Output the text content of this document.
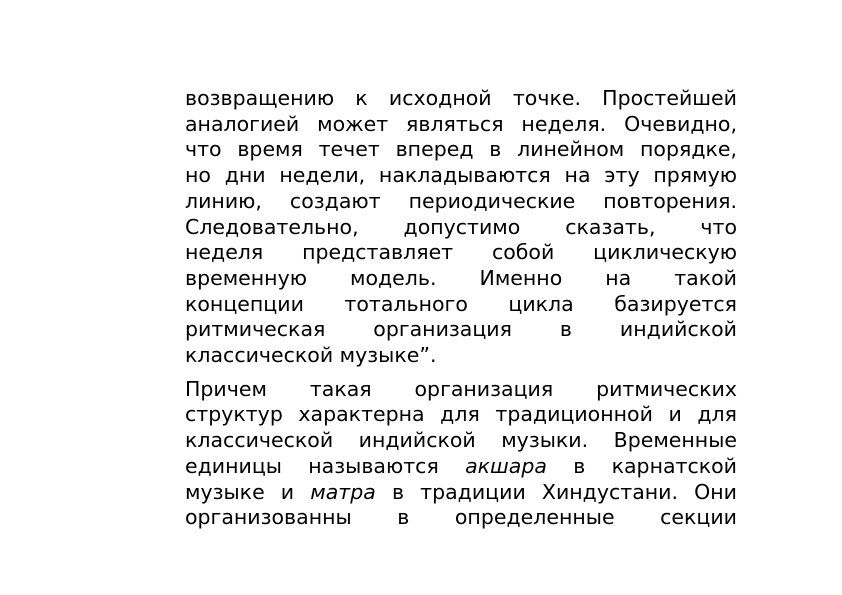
возвращению к исходной точке. Простейшей
аналогией может являться неделя. Очевидно,
что время течет вперед в линейном порядке,
но дни недели, накладываются на эту прямую
линию, создают периодические повторения.
Следовательно, допустимо сказать, что
неделя представляет собой циклическую
временную модель. Именно на такой
концепции тотального цикла базируется
ритмическая организация в индийской
классической музыке”.
Причем такая организация ритмических
структур характерна для традиционной и для
классической индийской музыки. Временные
единицы называются акшара в карнатской
музыке и матра в традиции Хиндустани. Они
организованны в определенные секции
